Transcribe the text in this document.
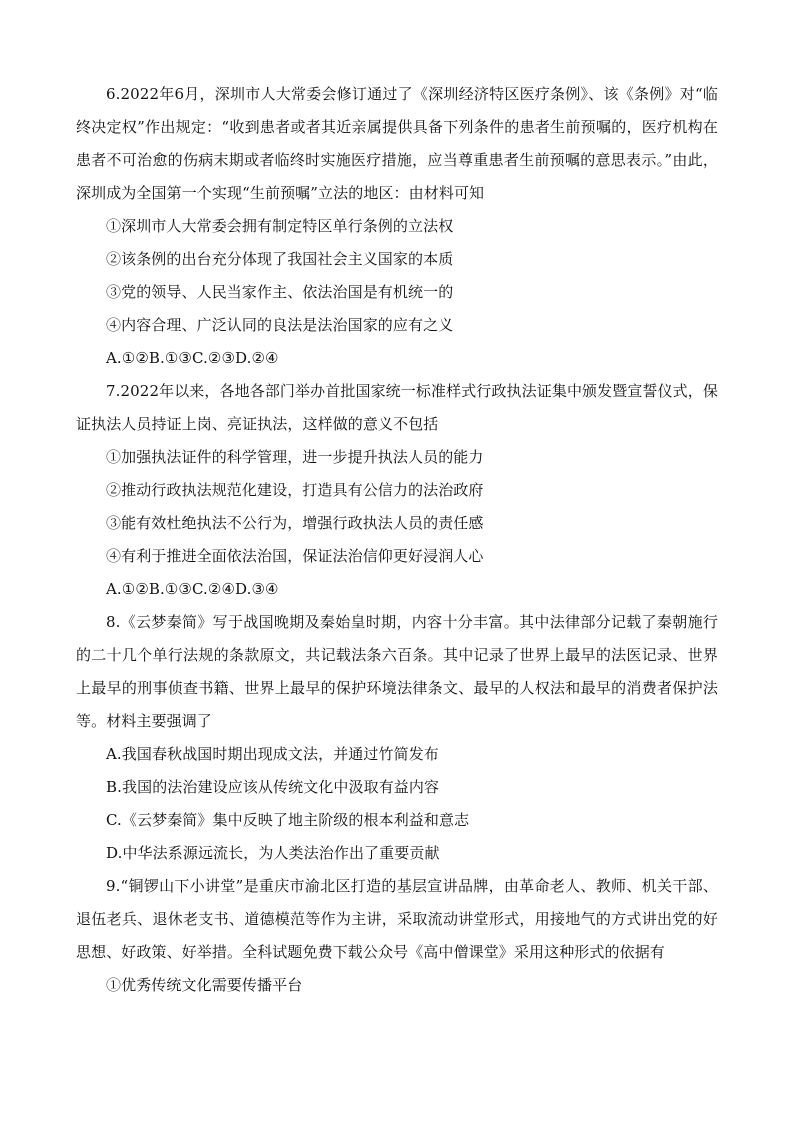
6.2022年6月，深圳市人大常委会修订通过了《深圳经济特区医疗条例》、该《条例》对“临终决定权”作出规定：“收到患者或者其近亲属提供具备下列条件的患者生前预嘱的，医疗机构在患者不可治愈的伤病末期或者临终时实施医疗措施，应当尊重患者生前预嘱的意思表示。”由此，深圳成为全国第一个实现“生前预嘱”立法的地区：由材料可知

①深圳市人大常委会拥有制定特区单行条例的立法权

②该条例的出台充分体现了我国社会主义国家的本质

③党的领导、人民当家作主、依法治国是有机统一的

④内容合理、广泛认同的良法是法治国家的应有之义

A.①②B.①③C.②③D.②④

7.2022年以来，各地各部门举办首批国家统一标准样式行政执法证集中颁发暨宣誓仪式，保证执法人员持证上岗、亮证执法，这样做的意义不包括

①加强执法证件的科学管理，进一步提升执法人员的能力

②推动行政执法规范化建设，打造具有公信力的法治政府

③能有效杜绝执法不公行为，增强行政执法人员的责任感

④有利于推进全面依法治国，保证法治信仰更好浸润人心

A.①②B.①③C.②④D.③④

8.《云梦秦简》写于战国晚期及秦始皇时期，内容十分丰富。其中法律部分记载了秦朝施行的二十几个单行法规的条款原文，共记载法条六百条。其中记录了世界上最早的法医记录、世界上最早的刑事侦查书籍、世界上最早的保护环境法律条文、最早的人权法和最早的消费者保护法等。材料主要强调了

A.我国春秋战国时期出现成文法，并通过竹简发布

B.我国的法治建设应该从传统文化中汲取有益内容

C.《云梦秦简》集中反映了地主阶级的根本利益和意志

D.中华法系源远流长，为人类法治作出了重要贡献

9.“铜锣山下小讲堂”是重庆市渝北区打造的基层宣讲品牌，由革命老人、教师、机关干部、退伍老兵、退休老支书、道德模范等作为主讲，采取流动讲堂形式，用接地气的方式讲出党的好思想、好政策、好举措。全科试题免费下载公众号《高中僧课堂》采用这种形式的依据有

①优秀传统文化需要传播平台
